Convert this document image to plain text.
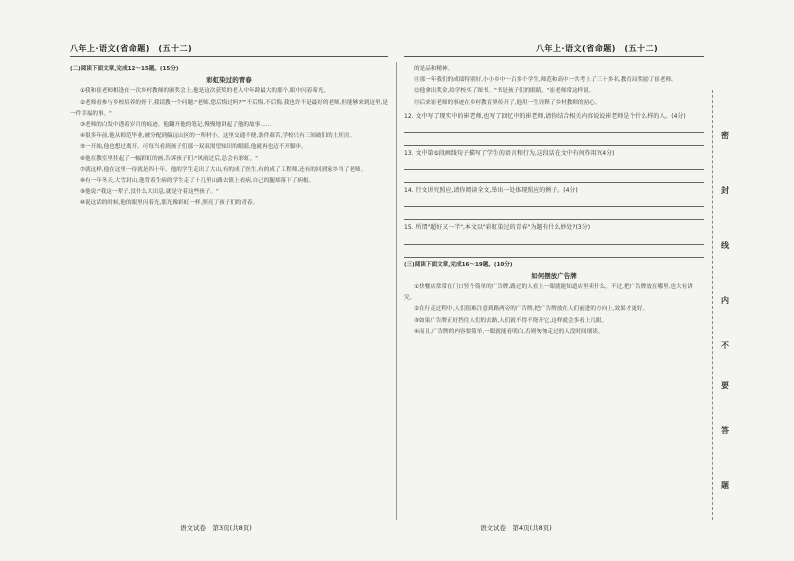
八年上·语文(省命题)　(五十二)	八年上·语文(省命题)　(五十二)

(二)阅读下面文章,完成12～15题。(15分)

彩虹染过的青春

①我和崔老师相逢在一次乡村教师的颁奖会上,他是这次获奖的老人中年龄最大的那个,眼中闪着希光。

②老师看参与乡校培养的骨干,我请教一个问题:"老师,您后悔过吗?""不后悔,不后悔,我也许不是最好的老师,但能够来到这里,是一件幸福的事。"

③老师的白发中透着岁月的痕迹。他翻开他的笔记,慢慢地讲起了他的故事……

④很多年前,他从师范毕业,被分配到偏远山区的一所村小。这里交通不便,条件艰苦,学校只有三间破旧的土坯房。

⑤一开始,他也想过离开。可每当看到孩子们那一双双渴望知识的眼睛,他就再也迈不开脚步。

⑥他在教室里挂起了一幅彩虹的画,告诉孩子们:"风雨过后,总会有彩虹。"

⑦就这样,他在这里一待就是四十年。他的学生走出了大山,有的成了医生,有的成了工程师,还有的回到家乡当了老师。

⑧有一年冬天,大雪封山,他背着生病的学生走了十几里山路去镇上看病,自己的腿却落下了病根。

⑨他说:"我这一辈子,没什么大出息,就是守着这些孩子。"

⑩说这话的时候,他的眼里闪着光,那光像彩虹一样,照亮了孩子们的青春。

的是品和精神。

⑪那一年我们的成绩特别好,小小乡中一百多个学生,师范和高中一共考上了三十多名,教育局奖励了崔老师。

⑫他拿出奖金,给学校买了图书。"书是孩子们的眼睛。"崔老师常这样说。

⑬后来崔老师的事迹在乡村教育界传开了,他用一生诠释了乡村教师的初心。

12. 文中写了现实中的崔老师,也写了回忆中的崔老师,请你结合相关内容说说崔老师是个什么样的人。(4分)

13. 文中第⑤段画线句子描写了学生的语言和行为,这段话在文中有何作用?(4分)

14. 行文讲究照应,请你阅读全文,举出一处体现照应的例子。(4分)

15. 所谓"超好又一半",本文以"彩虹染过的青春"为题有什么妙处?(3分)

(三)阅读下面文章,完成16～19题。(10分)

如何摆放广告牌

①快餐店常常在门口竖个简单的广告牌,路过的人看上一眼就能知道店里卖什么。不过,把广告牌放在哪里,也大有讲究。

②在行走过程中,人们很难注意到路两旁的广告牌,把广告牌放在人们前进的方向上,效果才更好。

③如果广告牌正好挡住人们的去路,人们就不得不绕开它,这样就会多看上几眼。

④而且,广告牌的内容要简单,一眼就能看明白,否则匆匆走过的人没时间细读。

密
封
线
内
不
要
答
题
语文试卷　第3页(共8页)	语文试卷　第4页(共8页)
